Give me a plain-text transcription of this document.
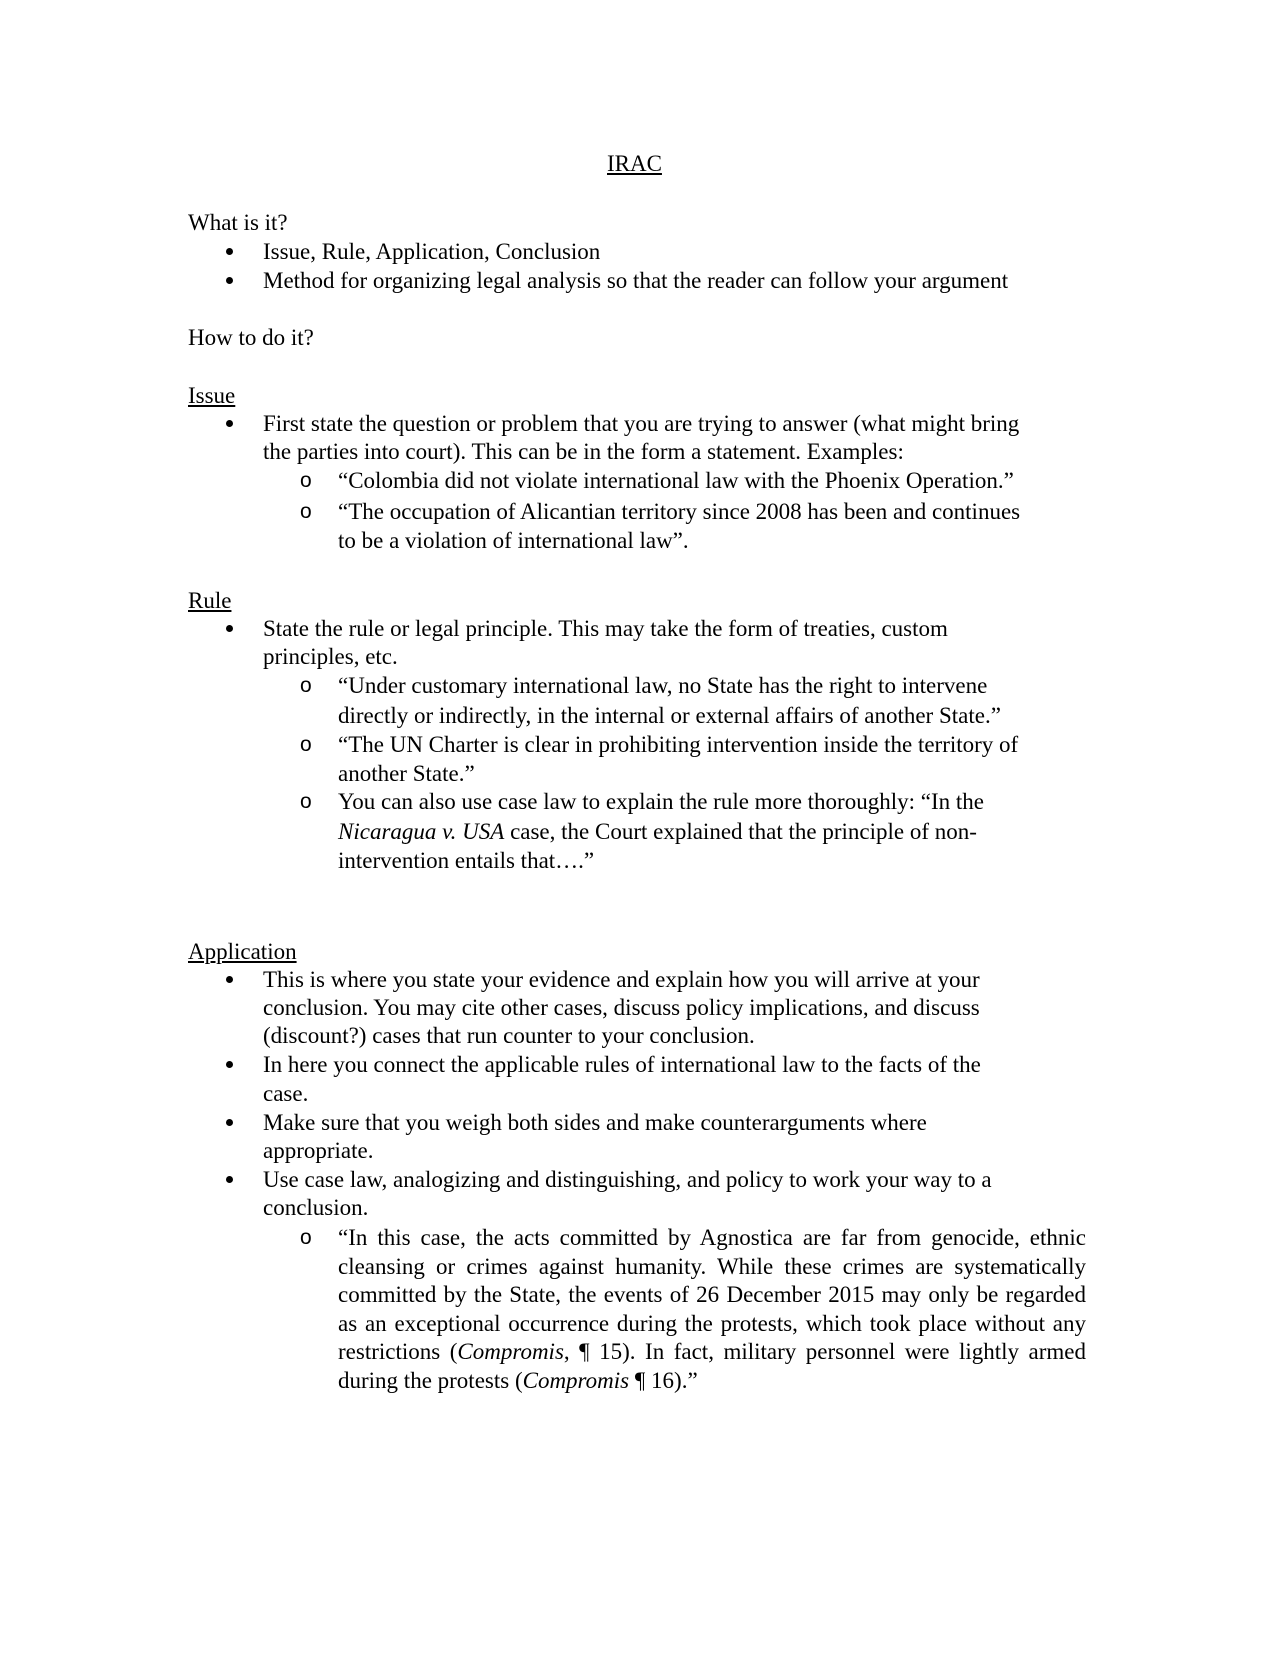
IRAC
What is it?
Issue, Rule, Application, Conclusion
Method for organizing legal analysis so that the reader can follow your argument
How to do it?
Issue
First state the question or problem that you are trying to answer (what might bring
the parties into court). This can be in the form a statement. Examples:
o “Colombia did not violate international law with the Phoenix Operation.”
o “The occupation of Alicantian territory since 2008 has been and continues
to be a violation of international law”.
Rule
State the rule or legal principle. This may take the form of treaties, custom
principles, etc.
o “Under customary international law, no State has the right to intervene
directly or indirectly, in the internal or external affairs of another State.”
o “The UN Charter is clear in prohibiting intervention inside the territory of
another State.”
o You can also use case law to explain the rule more thoroughly: “In the
Nicaragua v. USA case, the Court explained that the principle of non-
intervention entails that….”
Application
This is where you state your evidence and explain how you will arrive at your
conclusion. You may cite other cases, discuss policy implications, and discuss
(discount?) cases that run counter to your conclusion.
In here you connect the applicable rules of international law to the facts of the
case.
Make sure that you weigh both sides and make counterarguments where
appropriate.
Use case law, analogizing and distinguishing, and policy to work your way to a
conclusion.
o “In this case, the acts committed by Agnostica are far from genocide, ethnic cleansing or crimes against humanity. While these crimes are systematically committed by the State, the events of 26 December 2015 may only be regarded as an exceptional occurrence during the protests, which took place without any restrictions (Compromis, ¶ 15). In fact, military personnel were lightly armed during the protests (Compromis ¶ 16).”
